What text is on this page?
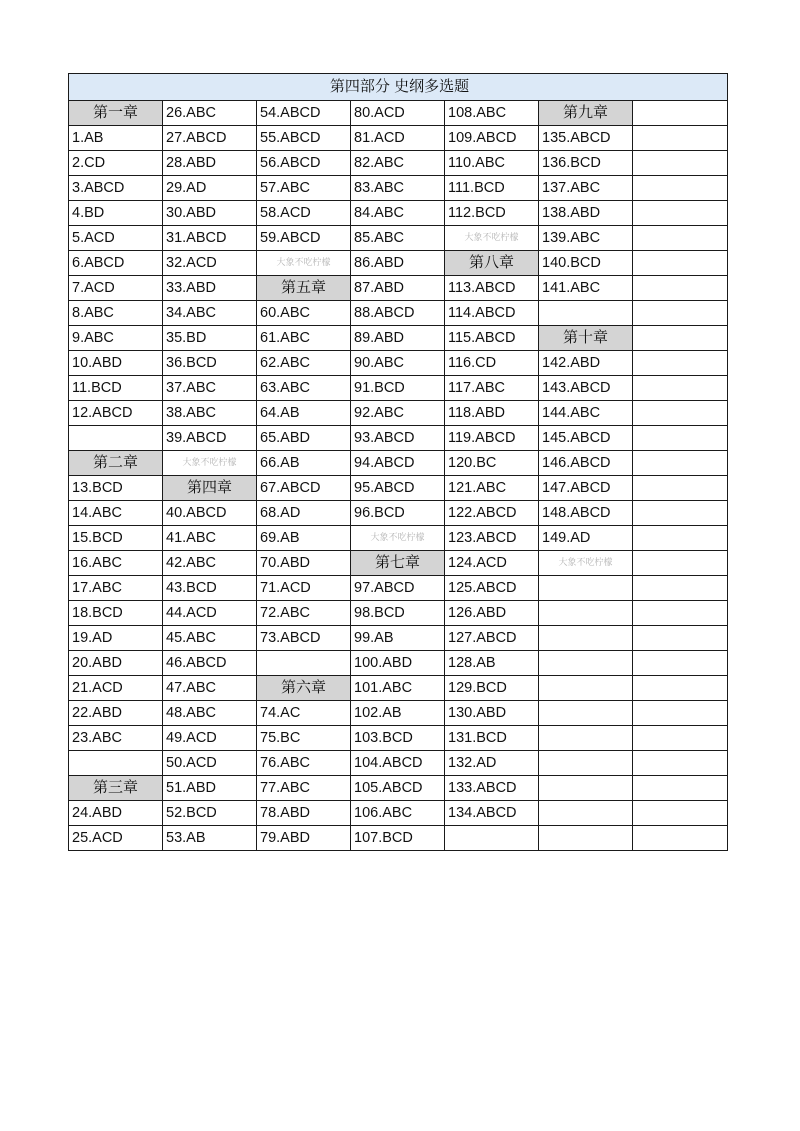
第四部分 史纲多选题						
第一章	26.ABC	54.ABCD	80.ACD	108.ABC	第九章	
1.AB	27.ABCD	55.ABCD	81.ACD	109.ABCD	135.ABCD	
2.CD	28.ABD	56.ABCD	82.ABC	110.ABC	136.BCD	
3.ABCD	29.AD	57.ABC	83.ABC	111.BCD	137.ABC	
4.BD	30.ABD	58.ACD	84.ABC	112.BCD	138.ABD	
5.ACD	31.ABCD	59.ABCD	85.ABC	大象不吃柠檬	139.ABC	
6.ABCD	32.ACD	大象不吃柠檬	86.ABD	第八章	140.BCD	
7.ACD	33.ABD	第五章	87.ABD	113.ABCD	141.ABC	
8.ABC	34.ABC	60.ABC	88.ABCD	114.ABCD		
9.ABC	35.BD	61.ABC	89.ABD	115.ABCD	第十章	
10.ABD	36.BCD	62.ABC	90.ABC	116.CD	142.ABD	
11.BCD	37.ABC	63.ABC	91.BCD	117.ABC	143.ABCD	
12.ABCD	38.ABC	64.AB	92.ABC	118.ABD	144.ABC	
	39.ABCD	65.ABD	93.ABCD	119.ABCD	145.ABCD	
第二章	大象不吃柠檬	66.AB	94.ABCD	120.BC	146.ABCD	
13.BCD	第四章	67.ABCD	95.ABCD	121.ABC	147.ABCD	
14.ABC	40.ABCD	68.AD	96.BCD	122.ABCD	148.ABCD	
15.BCD	41.ABC	69.AB	大象不吃柠檬	123.ABCD	149.AD	
16.ABC	42.ABC	70.ABD	第七章	124.ACD	大象不吃柠檬	
17.ABC	43.BCD	71.ACD	97.ABCD	125.ABCD		
18.BCD	44.ACD	72.ABC	98.BCD	126.ABD		
19.AD	45.ABC	73.ABCD	99.AB	127.ABCD		
20.ABD	46.ABCD		100.ABD	128.AB		
21.ACD	47.ABC	第六章	101.ABC	129.BCD		
22.ABD	48.ABC	74.AC	102.AB	130.ABD		
23.ABC	49.ACD	75.BC	103.BCD	131.BCD		
	50.ACD	76.ABC	104.ABCD	132.AD		
第三章	51.ABD	77.ABC	105.ABCD	133.ABCD		
24.ABD	52.BCD	78.ABD	106.ABC	134.ABCD		
25.ACD	53.AB	79.ABD	107.BCD			
